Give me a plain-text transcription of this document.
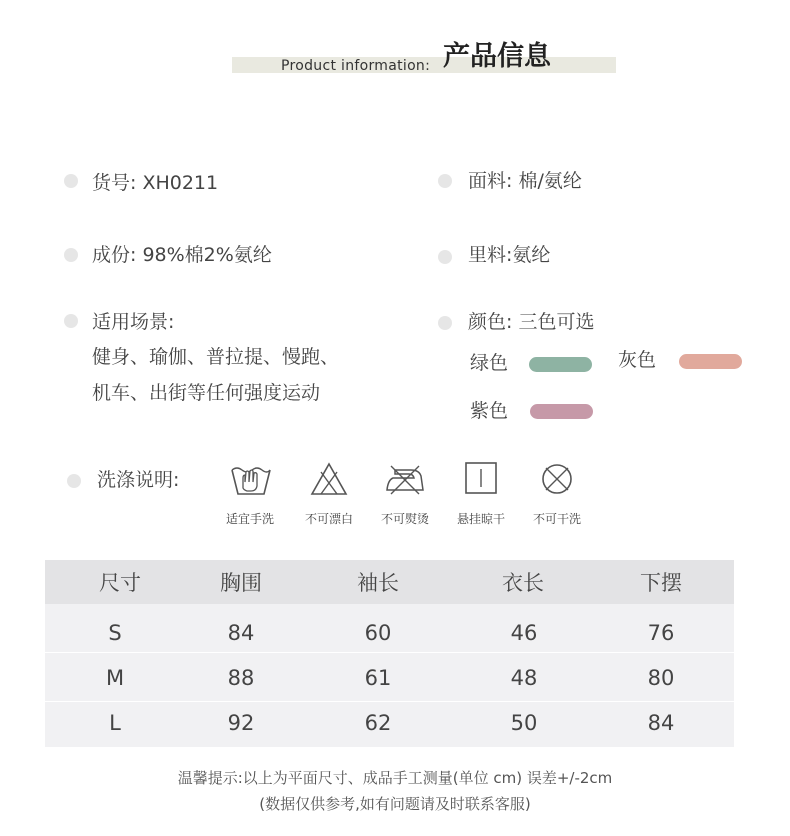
Product information: 产品信息
货号: XH0211
成份: 98%棉2%氨纶
适用场景:
健身、瑜伽、普拉提、慢跑、
机车、出街等任何强度运动
面料: 棉/氨纶
里料:氨纶
颜色: 三色可选
绿色	灰色
紫色
洗涤说明:
适宜手洗	不可漂白	不可熨烫	悬挂晾干	不可干洗
尺寸	胸围	袖长	衣长	下摆
S	84	60	46	76
M	88	61	48	80
L	92	62	50	84
温馨提示:以上为平面尺寸、成品手工测量(单位 cm) 误差+/-2cm
(数据仅供参考,如有问题请及时联系客服)
